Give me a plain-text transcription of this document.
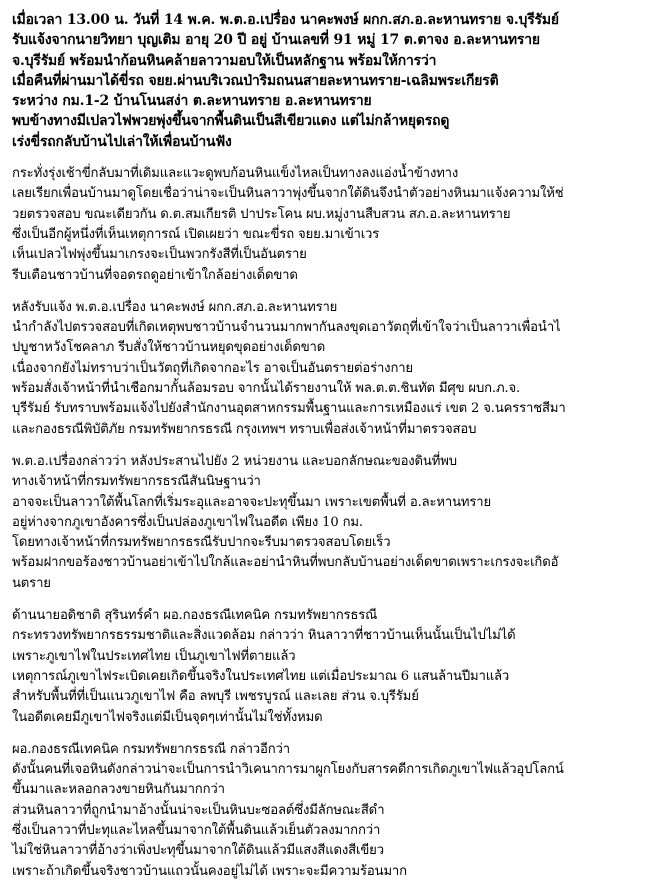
เมื่อเวลา 13.00 น. วันที่ 14 พ.ค. พ.ต.อ.เปรื่อง นาคะพงษ์ ผกก.สภ.อ.ละหานทราย จ.บุรีรัมย์
รับแจ้งจากนายวิทยา บุญเติม อายุ 20 ปี อยู่ บ้านเลขที่ 91 หมู่ 17 ต.ตาจง อ.ละหานทราย
จ.บุรีรัมย์ พร้อมนำก้อนหินคล้ายลาวามอบให้เป็นหลักฐาน พร้อมให้การว่า
เมื่อคืนที่ผ่านมาได้ขี่รถ จยย.ผ่านบริเวณป่าริมถนนสายละหานทราย-เฉลิมพระเกียรติ
ระหว่าง กม.1-2 บ้านโนนสง่า ต.ละหานทราย อ.ละหานทราย
พบข้างทางมีเปลวไฟพวยพุ่งขึ้นจากพื้นดินเป็นสีเขียวแดง แต่ไม่กล้าหยุดรถดู
เร่งขี่รถกลับบ้านไปเล่าให้เพื่อนบ้านฟัง
กระทั่งรุ่งเช้าขี่กลับมาที่เดิมและแวะดูพบก้อนหินแข็งไหลเป็นทางลงแอ่งน้ำข้างทาง
เลยเรียกเพื่อนบ้านมาดูโดยเชื่อว่าน่าจะเป็นหินลาวาพุ่งขึ้นจากใต้ดินจึงนำตัวอย่างหินมาแจ้งความให้ช่
วยตรวจสอบ ขณะเดียวกัน ด.ต.สมเกียรติ ปาประโคน ผบ.หมู่งานสืบสวน สภ.อ.ละหานทราย
ซึ่งเป็นอีกผู้หนึ่งที่เห็นเหตุการณ์ เปิดเผยว่า ขณะขี่รถ จยย.มาเข้าเวร
เห็นเปลวไฟพุ่งขึ้นมาเกรงจะเป็นพวกรังสีที่เป็นอันตราย
รีบเตือนชาวบ้านที่จอดรถดูอย่าเข้าใกล้อย่างเด็ดขาด
หลังรับแจ้ง พ.ต.อ.เปรื่อง นาคะพงษ์ ผกก.สภ.อ.ละหานทราย
นำกำลังไปตรวจสอบที่เกิดเหตุพบชาวบ้านจำนวนมากพากันลงขุดเอาวัตถุที่เข้าใจว่าเป็นลาวาเพื่อนำไ
ปบูชาหวังโชคลาภ รีบสั่งให้ชาวบ้านหยุดขุดอย่างเด็ดขาด
เนื่องจากยังไม่ทราบว่าเป็นวัตถุที่เกิดจากอะไร อาจเป็นอันตรายต่อร่างกาย
พร้อมสั่งเจ้าหน้าที่นำเชือกมากั้นล้อมรอบ จากนั้นได้รายงานให้ พล.ต.ต.ชินทัต มีศุข ผบก.ภ.จ.
บุรีรัมย์ รับทราบพร้อมแจ้งไปยังสำนักงานอุตสาหกรรมพื้นฐานและการเหมืองแร่ เขต 2 จ.นครราชสีมา
และกองธรณีพิบัติภัย กรมทรัพยากรธรณี กรุงเทพฯ ทราบเพื่อส่งเจ้าหน้าที่มาตรวจสอบ
พ.ต.อ.เปรื่องกล่าวว่า หลังประสานไปยัง 2 หน่วยงาน และบอกลักษณะของดินที่พบ
ทางเจ้าหน้าที่กรมทรัพยากรธรณีสันนิษฐานว่า
อาจจะเป็นลาวาใต้พื้นโลกที่เริ่มระอุและอาจจะปะทุขึ้นมา เพราะเขตพื้นที่ อ.ละหานทราย
อยู่ห่างจากภูเขาอังคารซึ่งเป็นปล่องภูเขาไฟในอดีต เพียง 10 กม.
โดยทางเจ้าหน้าที่กรมทรัพยากรธรณีรับปากจะรีบมาตรวจสอบโดยเร็ว
พร้อมฝากขอร้องชาวบ้านอย่าเข้าไปใกล้และอย่านำหินที่พบกลับบ้านอย่างเด็ดขาดเพราะเกรงจะเกิดอั
นตราย
ด้านนายอดิชาติ สุรินทร์คำ ผอ.กองธรณีเทคนิค กรมทรัพยากรธรณี
กระทรวงทรัพยากรธรรมชาติและสิ่งแวดล้อม กล่าวว่า หินลาวาที่ชาวบ้านเห็นนั้นเป็นไปไม่ได้
เพราะภูเขาไฟในประเทศไทย เป็นภูเขาไฟที่ตายแล้ว
เหตุการณ์ภูเขาไฟระเบิดเคยเกิดขึ้นจริงในประเทศไทย แต่เมื่อประมาณ 6 แสนล้านปีมาแล้ว
สำหรับพื้นที่ที่เป็นแนวภูเขาไฟ คือ ลพบุรี เพชรบูรณ์ และเลย ส่วน จ.บุรีรัมย์
ในอดีตเคยมีภูเขาไฟจริงแต่มีเป็นจุดๆเท่านั้นไม่ใช่ทั้งหมด
ผอ.กองธรณีเทคนิค กรมทรัพยากรธรณี กล่าวอีกว่า
ดังนั้นคนที่เจอหินดังกล่าวน่าจะเป็นการนำวิเคนาการมาผูกโยงกับสารคดีการเกิดภูเขาไฟแล้วอุปโลกน์
ขึ้นมาและหลอกลวงขายหินกันมากกว่า
ส่วนหินลาวาที่ถูกนำมาอ้างนั้นน่าจะเป็นหินบะซอลต์ซึ่งมีลักษณะสีดำ
ซึ่งเป็นลาวาที่ปะทุและไหลขึ้นมาจากใต้พื้นดินแล้วเย็นตัวลงมากกว่า
ไม่ใช่หินลาวาที่อ้างว่าเพิ่งปะทุขึ้นมาจากใต้ดินแล้วมีแสงสีแดงสีเขียว
เพราะถ้าเกิดขึ้นจริงชาวบ้านแถวนั้นคงอยู่ไม่ได้ เพราะจะมีความร้อนมาก
